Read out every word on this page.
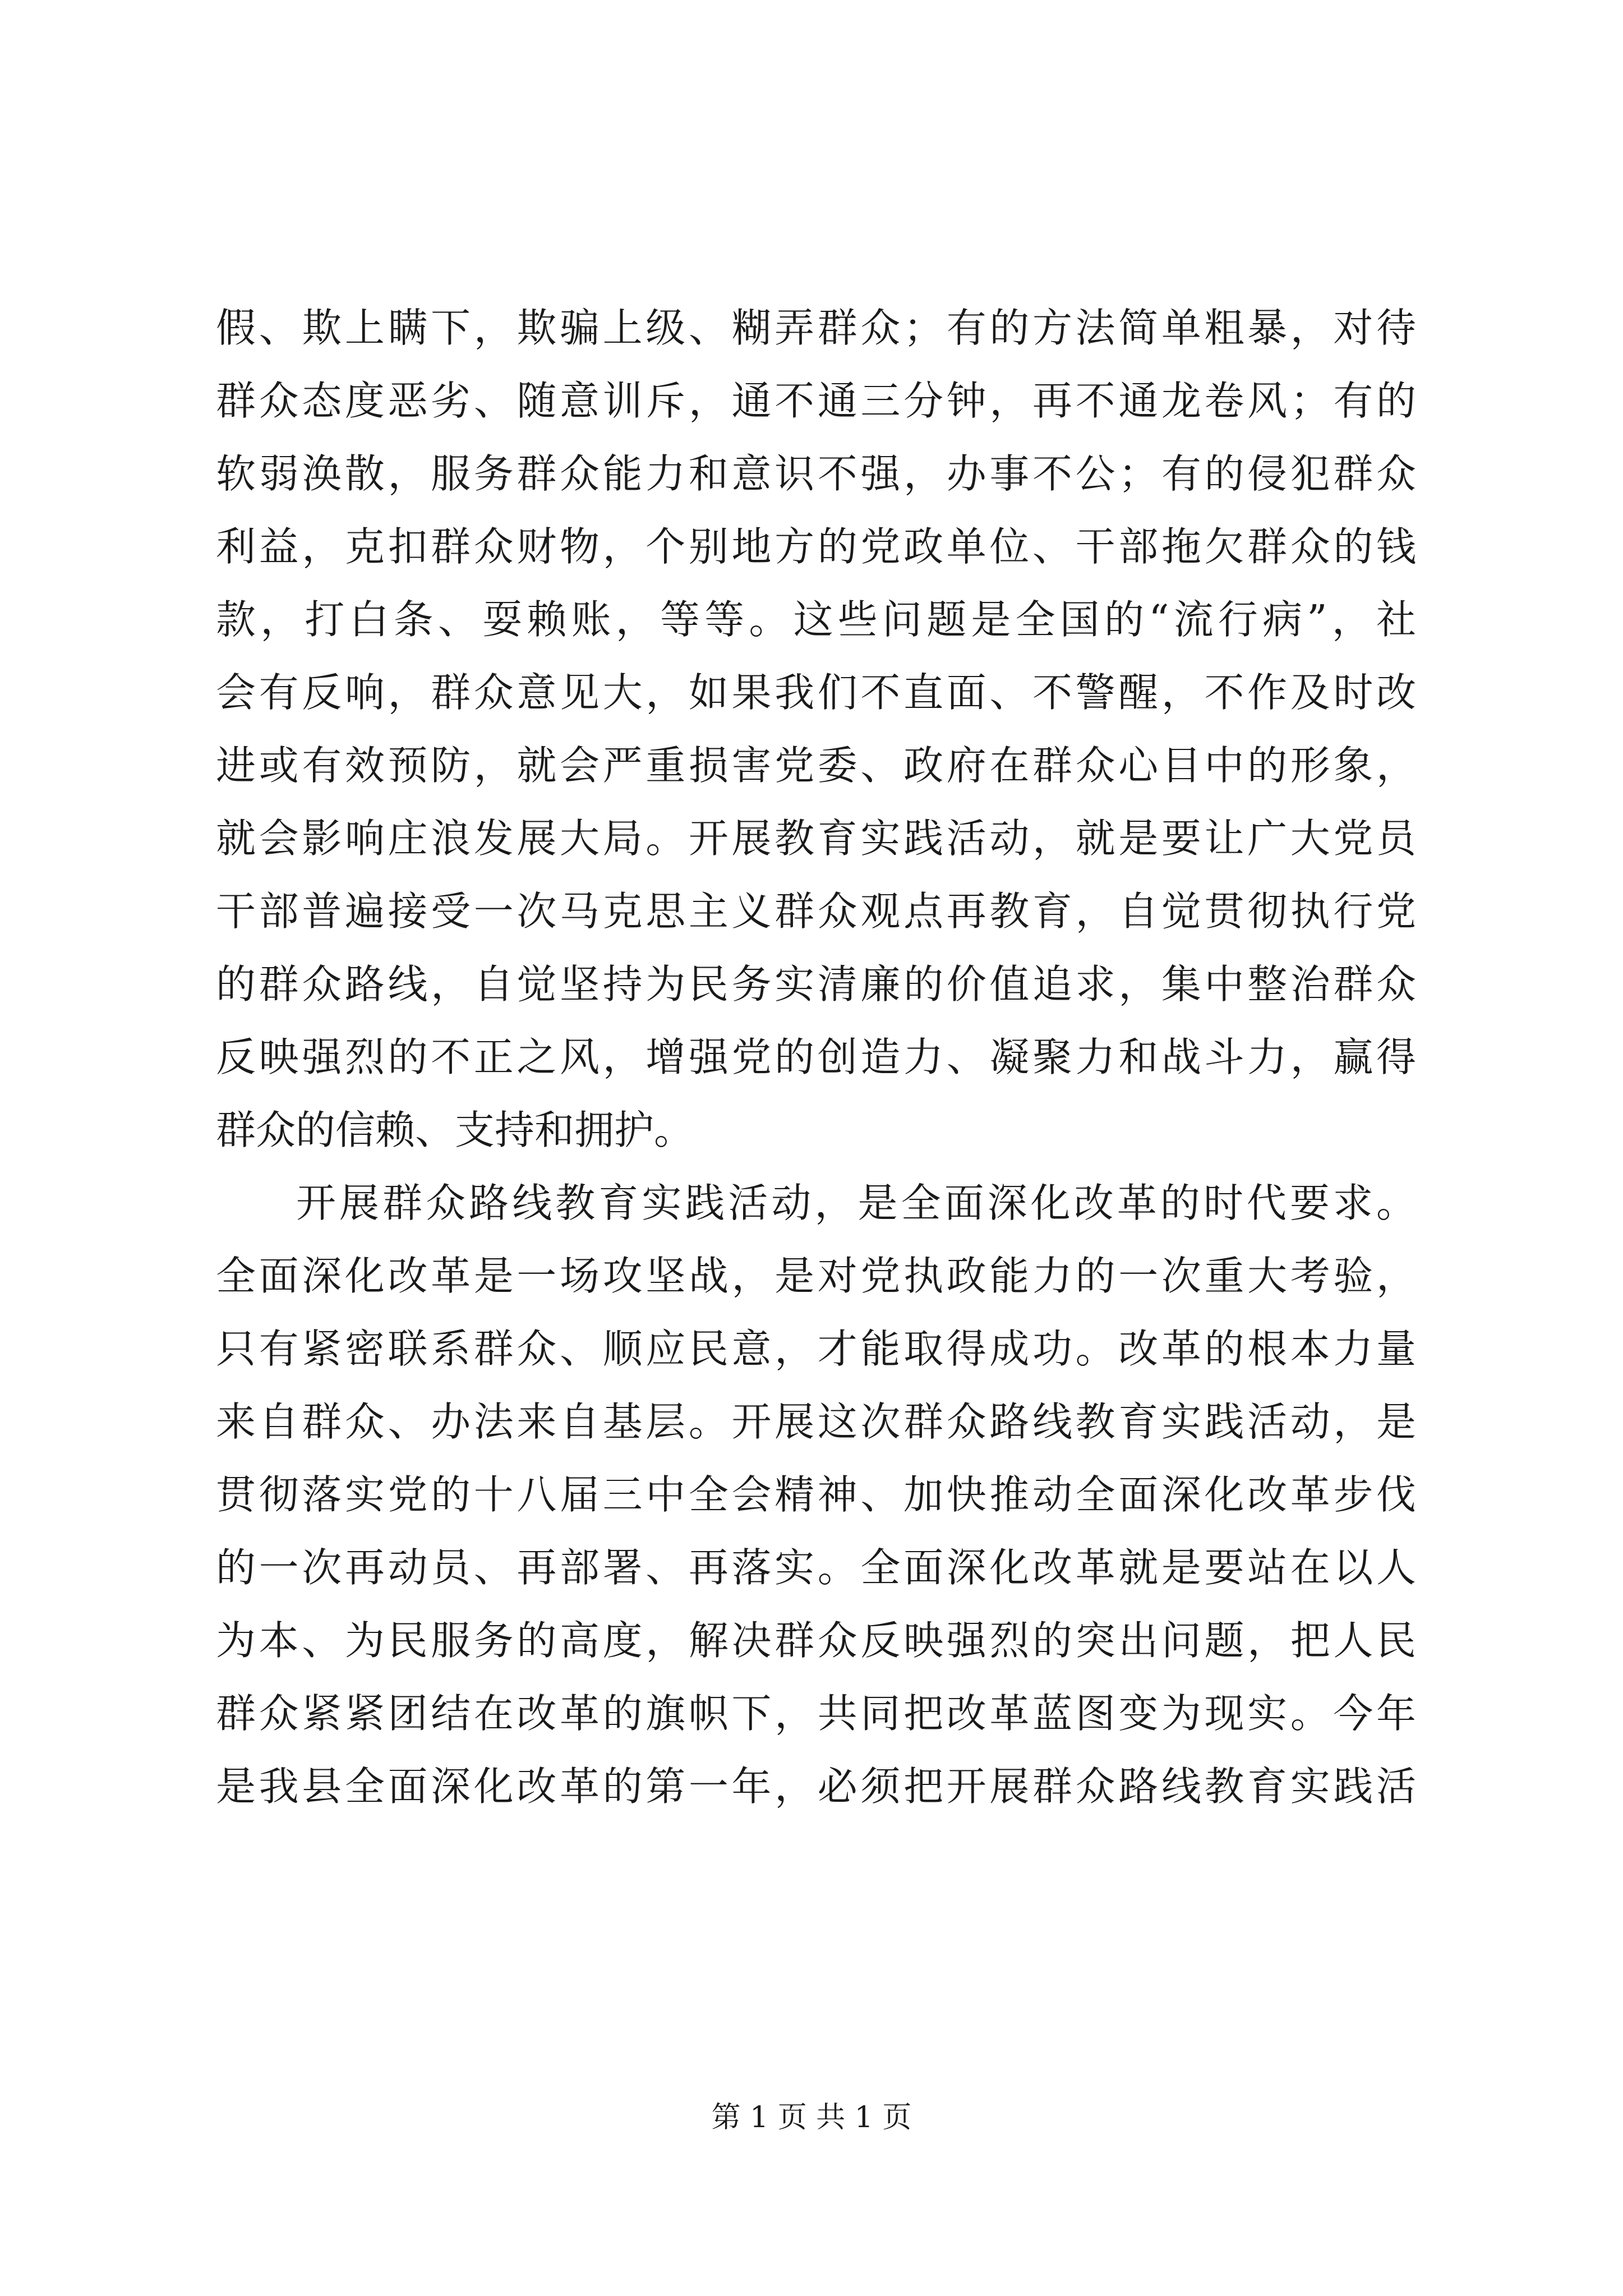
假、欺上瞒下，欺骗上级、糊弄群众；有的方法简单粗暴，对待
群众态度恶劣、随意训斥，通不通三分钟，再不通龙卷风；有的
软弱涣散，服务群众能力和意识不强，办事不公；有的侵犯群众
利益，克扣群众财物，个别地方的党政单位、干部拖欠群众的钱
款，打白条、耍赖账，等等。这些问题是全国的“流行病”，社
会有反响，群众意见大，如果我们不直面、不警醒，不作及时改
进或有效预防，就会严重损害党委、政府在群众心目中的形象，
就会影响庄浪发展大局。开展教育实践活动，就是要让广大党员
干部普遍接受一次马克思主义群众观点再教育，自觉贯彻执行党
的群众路线，自觉坚持为民务实清廉的价值追求，集中整治群众
反映强烈的不正之风，增强党的创造力、凝聚力和战斗力，赢得
群众的信赖、支持和拥护。
开展群众路线教育实践活动，是全面深化改革的时代要求。
全面深化改革是一场攻坚战，是对党执政能力的一次重大考验，
只有紧密联系群众、顺应民意，才能取得成功。改革的根本力量
来自群众、办法来自基层。开展这次群众路线教育实践活动，是
贯彻落实党的十八届三中全会精神、加快推动全面深化改革步伐
的一次再动员、再部署、再落实。全面深化改革就是要站在以人
为本、为民服务的高度，解决群众反映强烈的突出问题，把人民
群众紧紧团结在改革的旗帜下，共同把改革蓝图变为现实。今年
是我县全面深化改革的第一年，必须把开展群众路线教育实践活
第 1 页 共 1 页
